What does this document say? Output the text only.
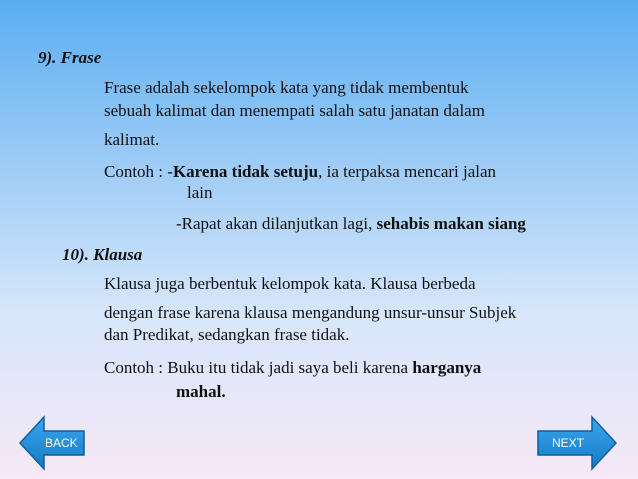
9). Frase
Frase adalah sekelompok kata yang tidak membentuk
sebuah kalimat dan menempati salah satu janatan dalam
kalimat.
Contoh : -Karena tidak setuju, ia terpaksa mencari jalan
lain
-Rapat akan dilanjutkan lagi, sehabis makan siang
10). Klausa
Klausa juga berbentuk kelompok kata. Klausa berbeda
dengan frase karena klausa mengandung unsur-unsur Subjek
dan Predikat, sedangkan frase tidak.
Contoh : Buku itu tidak jadi saya beli karena harganya
mahal.
BACK	NEXT
